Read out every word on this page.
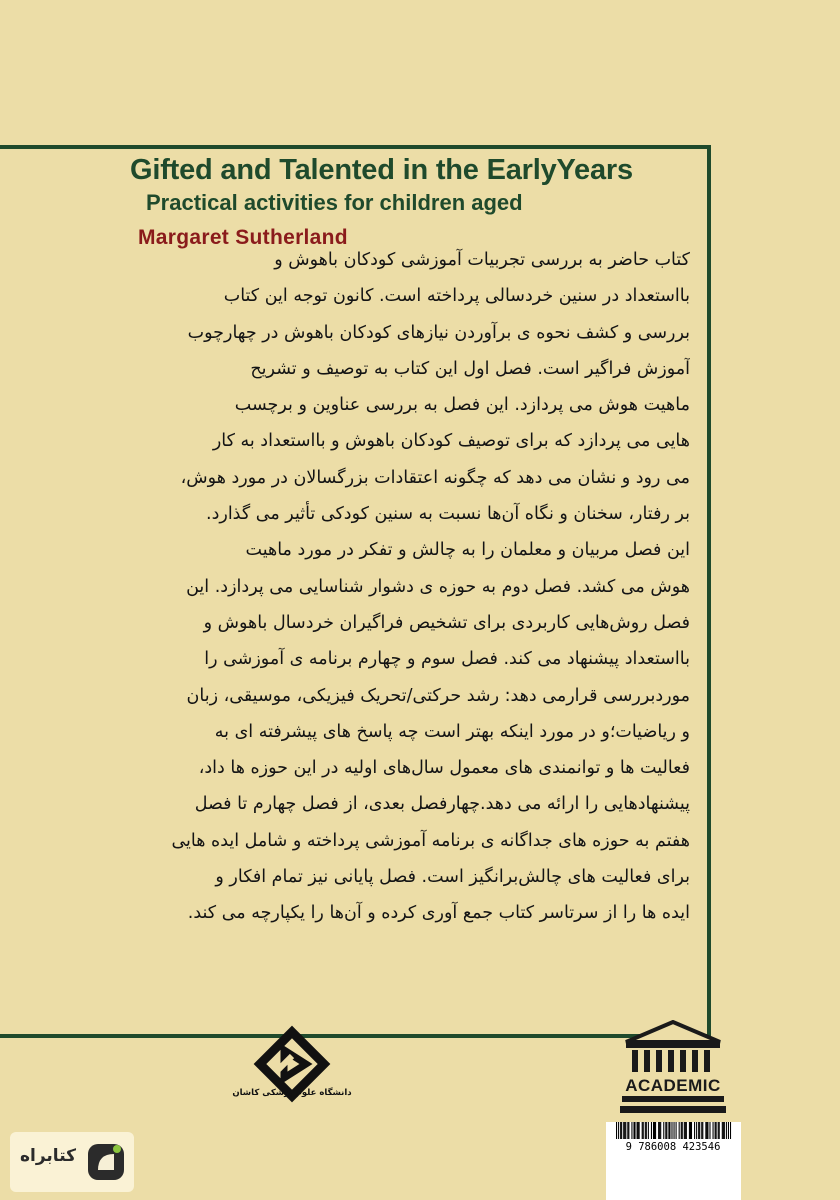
Gifted and Talented in the EarlyYears
Practical activities for children aged
Margaret Sutherland
کتاب حاضر به بررسی تجربیات آموزشی کودکان باهوش و
بااستعداد در سنین خردسالی پرداخته است. کانون توجه این کتاب
بررسی و کشف نحوه ی برآوردن نیازهای کودکان باهوش در چهارچوب
آموزش فراگیر است. فصل اول این کتاب به توصیف و تشریح
ماهیت هوش می پردازد. این فصل به بررسی عناوین و برچسب
هایی می پردازد که برای توصیف کودکان باهوش و بااستعداد به کار
می رود و نشان می دهد که چگونه اعتقادات بزرگسالان در مورد هوش،
بر رفتار، سخنان و نگاه آن‌ها نسبت به سنین کودکی تأثیر می گذارد.
این فصل مربیان و معلمان را به چالش و تفکر در مورد ماهیت
هوش می کشد. فصل دوم به حوزه ی دشوار شناسایی می پردازد. این
فصل روش‌هایی کاربردی برای تشخیص فراگیران خردسال باهوش و
بااستعداد پیشنهاد می کند. فصل سوم و چهارم برنامه ی آموزشی را
موردبررسی قرارمی دهد: رشد حرکتی/تحریک فیزیکی، موسیقی، زبان
و ریاضیات؛و در مورد اینکه بهتر است چه پاسخ های پیشرفته ای به
فعالیت ها و توانمندی های معمول سال‌های اولیه در این حوزه ها داد،
پیشنهادهایی را ارائه می دهد.چهارفصل بعدی، از فصل چهارم تا فصل
هفتم به حوزه های جداگانه ی برنامه آموزشی پرداخته و شامل ایده هایی
برای فعالیت های چالش‌برانگیز است. فصل پایانی نیز تمام افکار و
ایده ها را از سرتاسر کتاب جمع آوری کرده و آن‌ها را یکپارچه می کند.
دانشگاه علوم پزشکی کاشان	ACADEMIC
9 786008 423546
کتابراه
